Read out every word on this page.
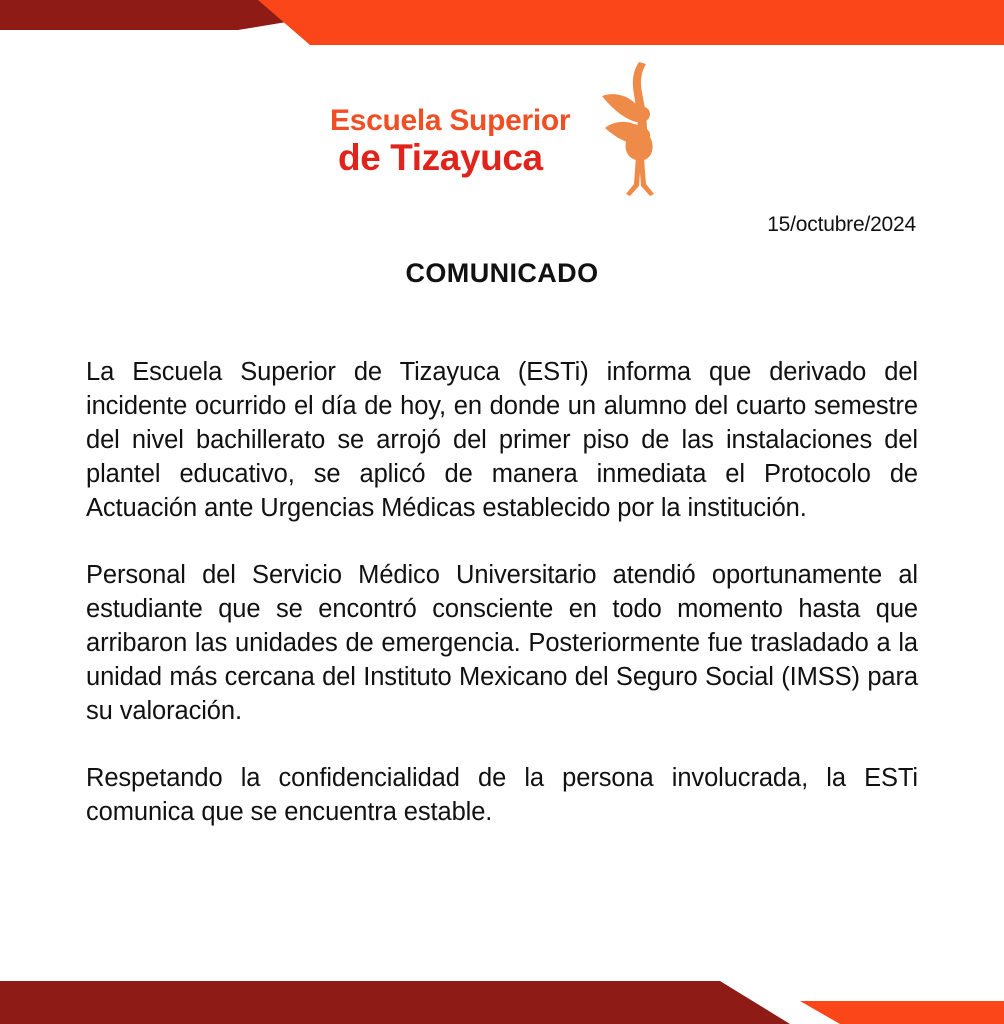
Escuela Superior
de Tizayuca
15/octubre/2024
COMUNICADO

La Escuela Superior de Tizayuca (ESTi) informa que derivado del incidente ocurrido el día de hoy, en donde un alumno del cuarto semestre del nivel bachillerato se arrojó del primer piso de las instalaciones del plantel educativo, se aplicó de manera inmediata el Protocolo de Actuación ante Urgencias Médicas establecido por la institución.

Personal del Servicio Médico Universitario atendió oportunamente al estudiante que se encontró consciente en todo momento hasta que arribaron las unidades de emergencia. Posteriormente fue trasladado a la unidad más cercana del Instituto Mexicano del Seguro Social (IMSS) para su valoración.

Respetando la confidencialidad de la persona involucrada, la ESTi comunica que se encuentra estable.
